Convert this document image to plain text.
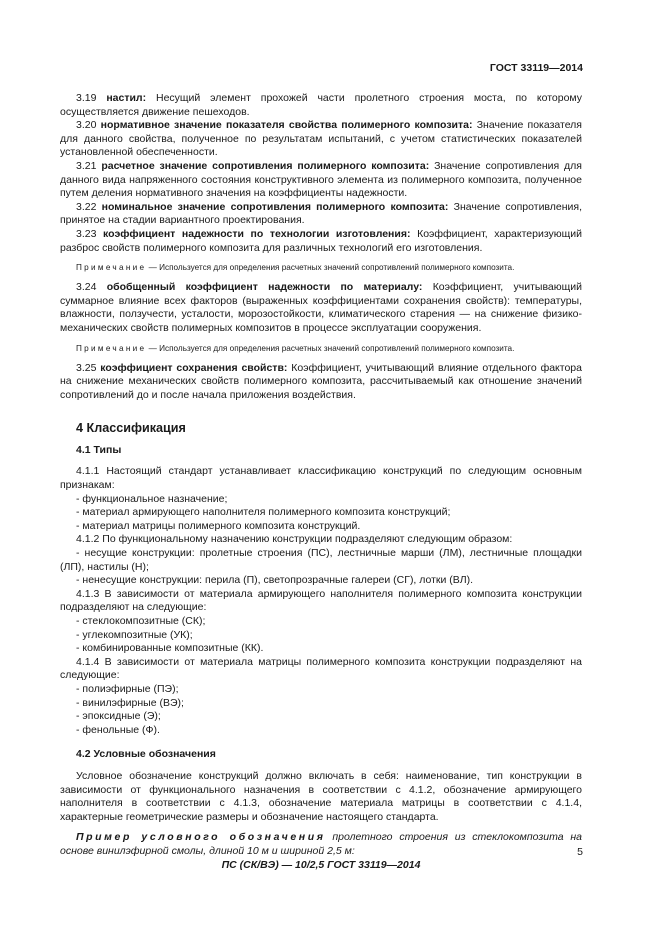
ГОСТ 33119—2014

3.19 настил: Несущий элемент прохожей части пролетного строения моста, по которому осуществляется движение пешеходов.

3.20 нормативное значение показателя свойства полимерного композита: Значение показателя для данного свойства, полученное по результатам испытаний, с учетом статистических показателей установленной обеспеченности.

3.21 расчетное значение сопротивления полимерного композита: Значение сопротивления для данного вида напряженного состояния конструктивного элемента из полимерного композита, полученное путем деления нормативного значения на коэффициенты надежности.

3.22 номинальное значение сопротивления полимерного композита: Значение сопротивления, принятое на стадии вариантного проектирования.

3.23 коэффициент надежности по технологии изготовления: Коэффициент, характеризующий разброс свойств полимерного композита для различных технологий его изготовления.

Примечание — Используется для определения расчетных значений сопротивлений полимерного композита.

3.24 обобщенный коэффициент надежности по материалу: Коэффициент, учитывающий суммарное влияние всех факторов (выраженных коэффициентами сохранения свойств): температуры, влажности, ползучести, усталости, морозостойкости, климатического старения — на снижение физико-механических свойств полимерных композитов в процессе эксплуатации сооружения.

Примечание — Используется для определения расчетных значений сопротивлений полимерного композита.

3.25 коэффициент сохранения свойств: Коэффициент, учитывающий влияние отдельного фактора на снижение механических свойств полимерного композита, рассчитываемый как отношение значений сопротивлений до и после начала приложения воздействия.

4 Классификация
4.1 Типы

4.1.1 Настоящий стандарт устанавливает классификацию конструкций по следующим основным признакам:

- функциональное назначение;

- материал армирующего наполнителя полимерного композита конструкций;

- материал матрицы полимерного композита конструкций.

4.1.2 По функциональному назначению конструкции подразделяют следующим образом:

- несущие конструкции: пролетные строения (ПС), лестничные марши (ЛМ), лестничные площадки (ЛП), настилы (Н);

- ненесущие конструкции: перила (П), светопрозрачные галереи (СГ), лотки (ВЛ).

4.1.3 В зависимости от материала армирующего наполнителя полимерного композита конструкции подразделяют на следующие:

- стеклокомпозитные (СК);

- углекомпозитные (УК);

- комбинированные композитные (КК).

4.1.4 В зависимости от материала матрицы полимерного композита конструкции подразделяют на следующие:

- полиэфирные (ПЭ);

- винилэфирные (ВЭ);

- эпоксидные (Э);

- фенольные (Ф).

4.2 Условные обозначения

Условное обозначение конструкций должно включать в себя: наименование, тип конструкции в зависимости от функционального назначения в соответствии с 4.1.2, обозначение армирующего наполнителя в соответствии с 4.1.3, обозначение материала матрицы в соответствии с 4.1.4, характерные геометрические размеры и обозначение настоящего стандарта.

Пример условного обозначения пролетного строения из стеклокомпозита на основе винилэфирной смолы, длиной 10 м и шириной 2,5 м:

ПС (СК/ВЭ) — 10/2,5 ГОСТ 33119—2014

5
